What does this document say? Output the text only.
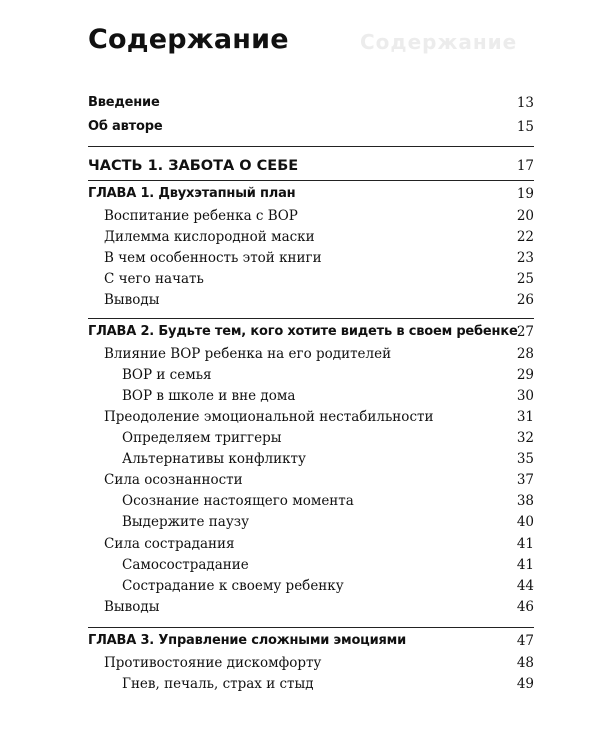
Содержание
Содержание
Введение	13
Об авторе	15
ЧАСТЬ 1. ЗАБОТА О СЕБЕ	17
ГЛАВА 1. Двухэтапный план	19
Воспитание ребенка с ВОР	20
Дилемма кислородной маски	22
В чем особенность этой книги	23
С чего начать	25
Выводы	26
ГЛАВА 2. Будьте тем, кого хотите видеть в своем ребенке 27
Влияние ВОР ребенка на его родителей	28
ВОР и семья	29
ВОР в школе и вне дома	30
Преодоление эмоциональной нестабильности	31
Определяем триггеры	32
Альтернативы конфликту	35
Сила осознанности	37
Осознание настоящего момента	38
Выдержите паузу	40
Сила сострадания	41
Самосострадание	41
Сострадание к своему ребенку	44
Выводы	46
ГЛАВА 3. Управление сложными эмоциями	47
Противостояние дискомфорту	48
Гнев, печаль, страх и стыд	49
